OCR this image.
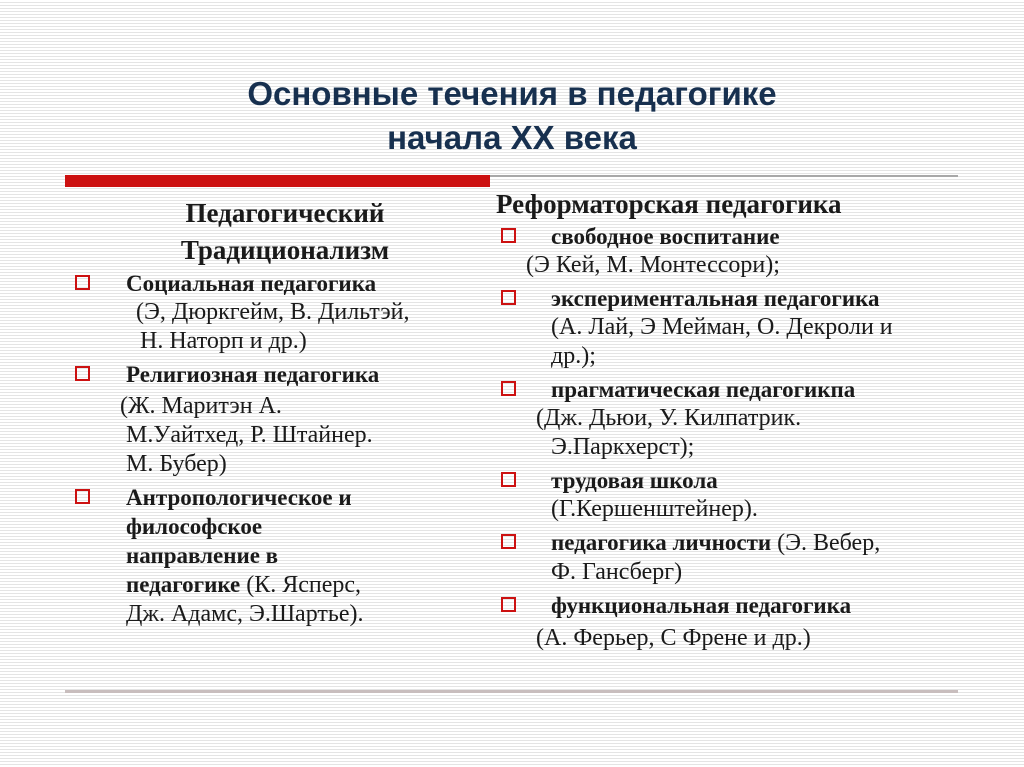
Основные течения в педагогике
начала XX века
Педагогический
Традиционализм
Социальная педагогика
(Э, Дюркгейм, В. Дильтэй,
Н. Наторп и др.)
Религиозная педагогика
(Ж. Маритэн А.
М.Уайтхед, Р. Штайнер.
М. Бубер)
Антропологическое и
философское
направление в
педагогике (К. Ясперс,
Дж. Адамс, Э.Шартье).
Реформаторская педагогика
свободное воспитание
(Э Кей, М. Монтессори);
экспериментальная педагогика
(А. Лай, Э Мейман, О. Декроли и
др.);
прагматическая педагогикпа
(Дж. Дьюи, У. Килпатрик.
Э.Паркхерст);
трудовая школа
(Г.Кершенштейнер).
педагогика личности (Э. Вебер,
Ф. Гансберг)
функциональная педагогика
(А. Ферьер, С Френе и др.)
